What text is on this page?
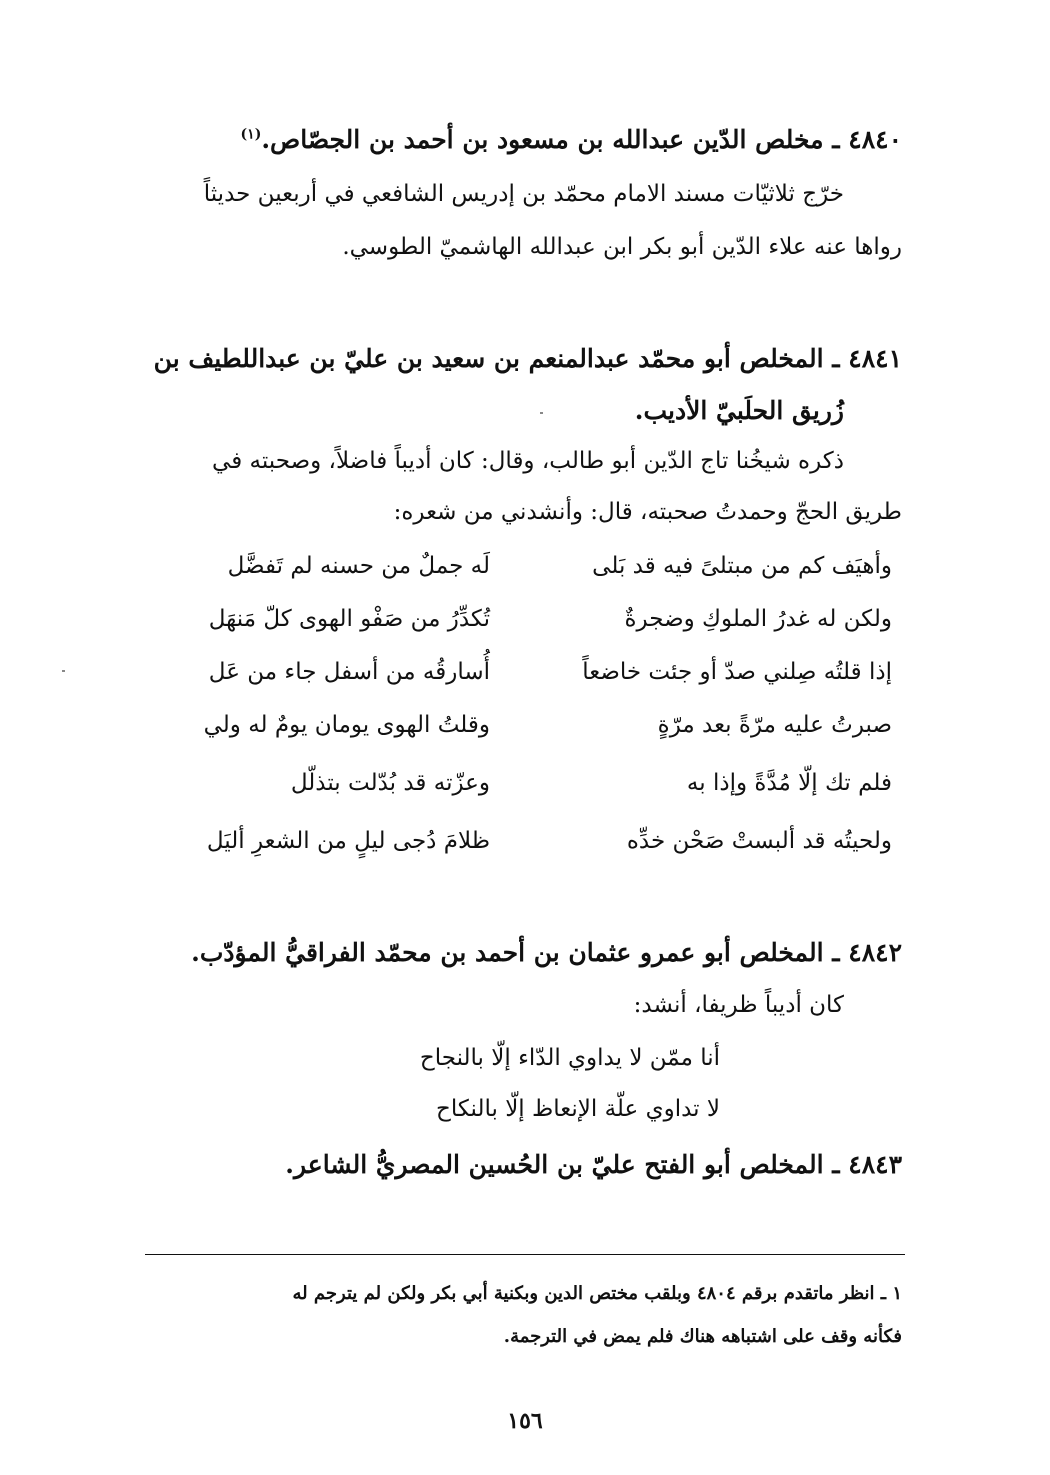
٤٨٤٠ ـ مخلص الدّين عبدالله بن مسعود بن أحمد بن الجصّاص.$^{(١)}$
خرّج ثلاثيّات مسند الامام محمّد بن إدريس الشافعي في أربعين حديثاً
رواها عنه علاء الدّين أبو بكر ابن عبدالله الهاشميّ الطوسي.
٤٨٤١ ـ المخلص أبو محمّد عبدالمنعم بن سعيد بن عليّ بن عبداللطيف بن
زُريق الحلَبيّ الأديب.
ذكره شيخُنا تاج الدّين أبو طالب، وقال: كان أديباً فاضلاً، وصحبته في
طريق الحجّ وحمدتُ صحبته، قال: وأنشدني من شعره:
وأهيَف كم من مبتلىً فيه قد بَلى
لَه جملٌ من حسنه لم تَفضَّل
ولكن له غدرُ الملوكِ وضجرةٌ
تُكدِّرُ من صَفْو الهوى كلّ مَنهَل
إذا قلتُه صِلني صدّ أو جئت خاضعاً
أُسارقُه من أسفل جاء من عَل
صبرتُ عليه مرّةً بعد مرّةٍ
وقلتُ الهوى يومان يومٌ له ولي
فلم تك إلّا مُدَّةً وإذا به
وعزّته قد بُدّلت بتذلّل
ولحيتُه قد ألبستْ صَحْن خدِّه
ظلامَ دُجى ليلٍ من الشعرِ أليَل
٤٨٤٢ ـ المخلص أبو عمرو عثمان بن أحمد بن محمّد الفراقيُّ المؤدّب.
كان أديباً ظريفا، أنشد:
أنا ممّن لا يداوي الدّاء إلّا بالنجاح
لا تداوي علّة الإنعاظ إلّا بالنكاح
٤٨٤٣ ـ المخلص أبو الفتح عليّ بن الحُسين المصريُّ الشاعر.
١ ـ انظر ماتقدم برقم ٤٨٠٤ وبلقب مختص الدين وبكنية أبي بكر ولكن لم يترجم له
فكأنه وقف على اشتباهه هناك فلم يمض في الترجمة.
١٥٦
